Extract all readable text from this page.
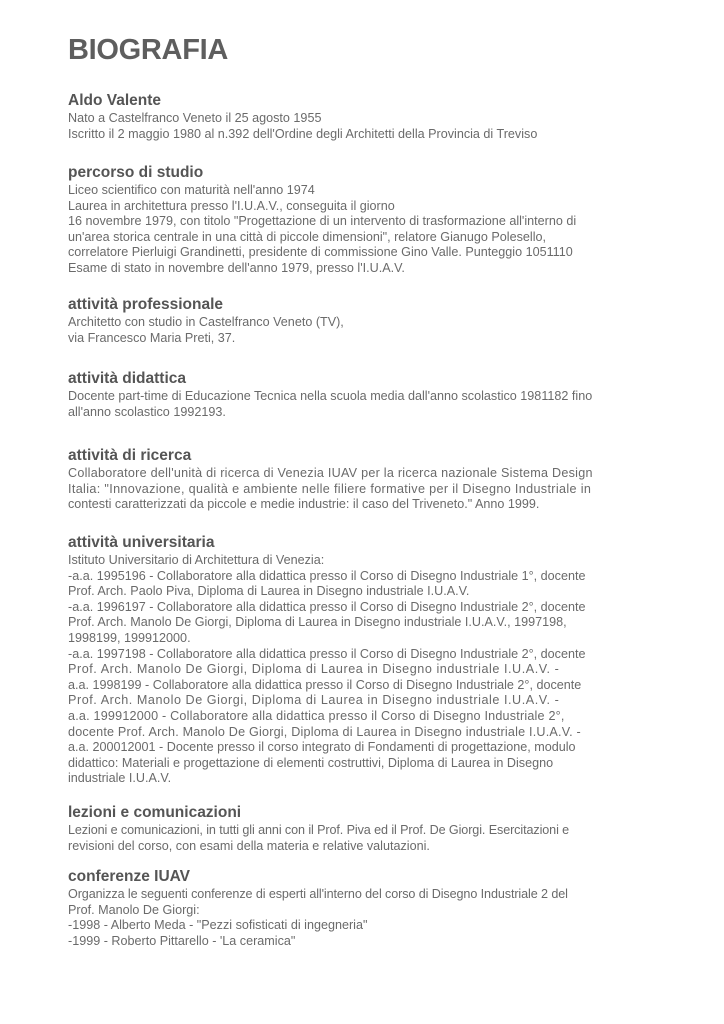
BIOGRAFIA
Aldo Valente

Nato a Castelfranco Veneto il 25 agosto 1955

Iscritto il 2 maggio 1980 al n.392 dell'Ordine degli Architetti della Provincia di Treviso

percorso di studio

Liceo scientifico con maturità nell'anno 1974

Laurea in architettura presso l'I.U.A.V., conseguita il giorno

16 novembre 1979, con titolo "Progettazione di un intervento di trasformazione all'interno di

un'area storica centrale in una città di piccole dimensioni", relatore Gianugo Polesello,

correlatore Pierluigi Grandinetti, presidente di commissione Gino Valle. Punteggio 1051110

Esame di stato in novembre dell'anno 1979, presso l'I.U.A.V.

attività professionale

Architetto con studio in Castelfranco Veneto (TV),

via Francesco Maria Preti, 37.

attività didattica

Docente part-time di Educazione Tecnica nella scuola media dall'anno scolastico 1981182 fino

all'anno scolastico 1992193.

attività di ricerca

Collaboratore dell'unità di ricerca di Venezia IUAV per la ricerca nazionale Sistema Design

Italia: "Innovazione, qualità e ambiente nelle filiere formative per il Disegno Industriale in

contesti caratterizzati da piccole e medie industrie: il caso del Triveneto." Anno 1999.

attività universitaria

Istituto Universitario di Architettura di Venezia:

-a.a. 1995196 - Collaboratore alla didattica presso il Corso di Disegno Industriale 1°, docente

Prof. Arch. Paolo Piva, Diploma di Laurea in Disegno industriale I.U.A.V.

-a.a. 1996197 - Collaboratore alla didattica presso il Corso di Disegno Industriale 2°, docente

Prof. Arch. Manolo De Giorgi, Diploma di Laurea in Disegno industriale I.U.A.V., 1997198,

1998199, 199912000.

-a.a. 1997198 - Collaboratore alla didattica presso il Corso di Disegno Industriale 2°, docente

Prof. Arch. Manolo De Giorgi, Diploma di Laurea in Disegno industriale I.U.A.V. -

a.a. 1998199 - Collaboratore alla didattica presso il Corso di Disegno Industriale 2°, docente

Prof. Arch. Manolo De Giorgi, Diploma di Laurea in Disegno industriale I.U.A.V. -

a.a. 199912000 - Collaboratore alla didattica presso il Corso di Disegno Industriale 2°,

docente Prof. Arch. Manolo De Giorgi, Diploma di Laurea in Disegno industriale I.U.A.V. -

a.a. 200012001 - Docente presso il corso integrato di Fondamenti di progettazione, modulo

didattico: Materiali e progettazione di elementi costruttivi, Diploma di Laurea in Disegno

industriale I.U.A.V.

lezioni e comunicazioni

Lezioni e comunicazioni, in tutti gli anni con il Prof. Piva ed il Prof. De Giorgi. Esercitazioni e

revisioni del corso, con esami della materia e relative valutazioni.

conferenze IUAV

Organizza le seguenti conferenze di esperti all'interno del corso di Disegno Industriale 2 del

Prof. Manolo De Giorgi:

-1998 - Alberto Meda - "Pezzi sofisticati di ingegneria"

-1999 - Roberto Pittarello - 'La ceramica"
